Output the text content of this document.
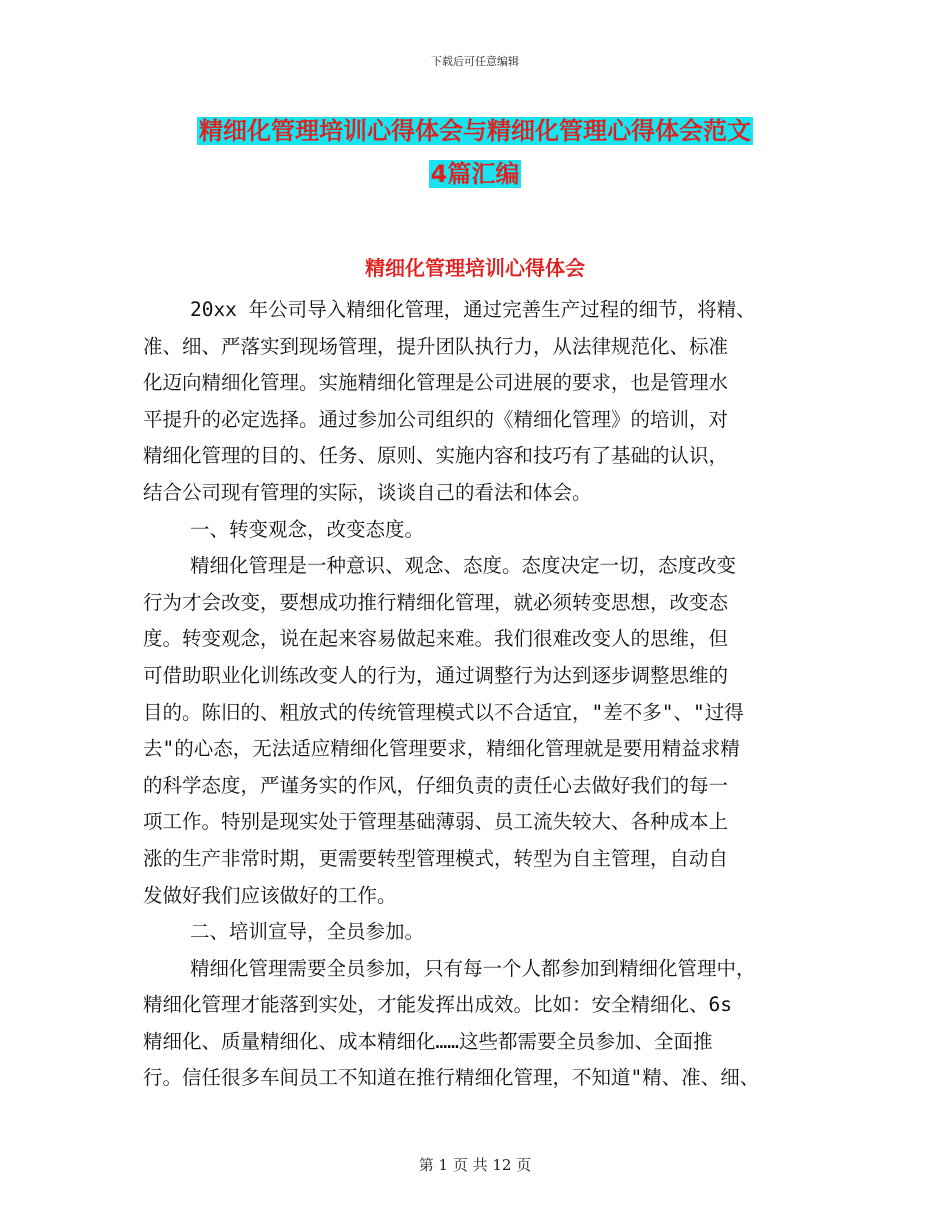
下载后可任意编辑
精细化管理培训心得体会与精细化管理心得体会范文
4篇汇编
精细化管理培训心得体会
20xx 年公司导入精细化管理，通过完善生产过程的细节，将精、
准、细、严落实到现场管理，提升团队执行力，从法律规范化、标准
化迈向精细化管理。实施精细化管理是公司进展的要求，也是管理水
平提升的必定选择。通过参加公司组织的《精细化管理》的培训，对
精细化管理的目的、任务、原则、实施内容和技巧有了基础的认识，
结合公司现有管理的实际，谈谈自己的看法和体会。
一、转变观念，改变态度。
精细化管理是一种意识、观念、态度。态度决定一切，态度改变
行为才会改变，要想成功推行精细化管理，就必须转变思想，改变态
度。转变观念，说在起来容易做起来难。我们很难改变人的思维，但
可借助职业化训练改变人的行为，通过调整行为达到逐步调整思维的
目的。陈旧的、粗放式的传统管理模式以不合适宜，"差不多"、"过得
去"的心态，无法适应精细化管理要求，精细化管理就是要用精益求精
的科学态度，严谨务实的作风，仔细负责的责任心去做好我们的每一
项工作。特别是现实处于管理基础薄弱、员工流失较大、各种成本上
涨的生产非常时期，更需要转型管理模式，转型为自主管理，自动自
发做好我们应该做好的工作。
二、培训宣导，全员参加。
精细化管理需要全员参加，只有每一个人都参加到精细化管理中，
精细化管理才能落到实处，才能发挥出成效。比如：安全精细化、6s
精细化、质量精细化、成本精细化……这些都需要全员参加、全面推
行。信任很多车间员工不知道在推行精细化管理，不知道"精、准、细、
第 1 页 共 12 页
